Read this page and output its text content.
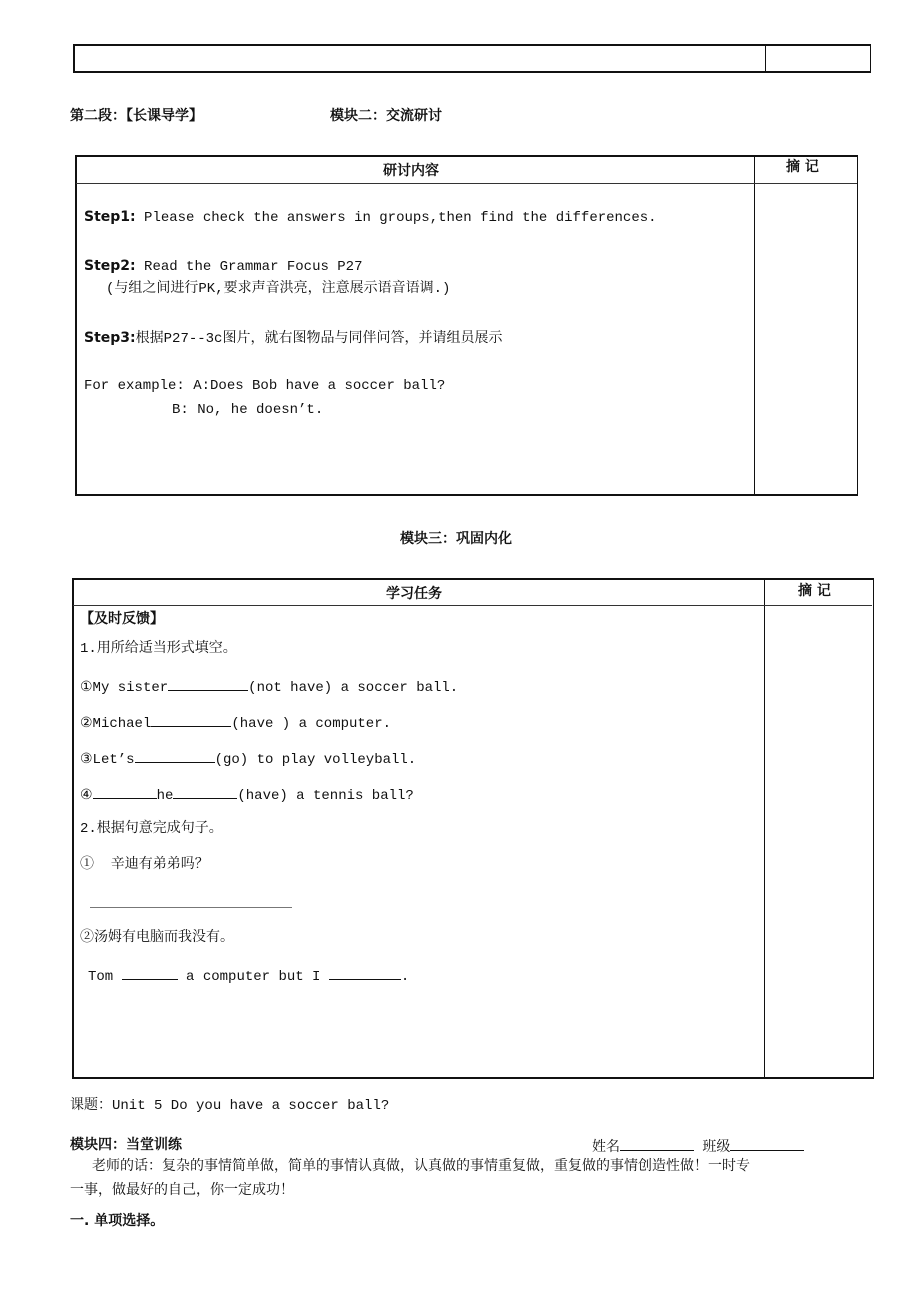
第二段：【长课导学】	模块二：交流研讨
研讨内容	摘 记
Step1: Please check the answers in groups,then find the differences.
Step2: Read the Grammar Focus P27
(与组之间进行PK,要求声音洪亮，注意展示语音语调.)
Step3:根据P27--3c图片，就右图物品与同伴问答，并请组员展示
For example: A:Does Bob have a soccer ball?
B: No, he doesn’t.
模块三：巩固内化
学习任务	摘 记
【及时反馈】
1.用所给适当形式填空。
①My sister	(not have) a soccer ball.
②Michael	(have ) a computer.
③Let’s	(go) to play volleyball.
④	he	(have) a tennis ball?
2.根据句意完成句子。
①  辛迪有弟弟吗？
②汤姆有电脑而我没有。
Tom	a computer but I	.
课题：Unit 5 Do you have a soccer ball?
模块四：当堂训练	姓名	班级
老师的话：复杂的事情简单做，简单的事情认真做，认真做的事情重复做，重复做的事情创造性做！一时专
一事，做最好的自己，你一定成功！
一. 单项选择。
